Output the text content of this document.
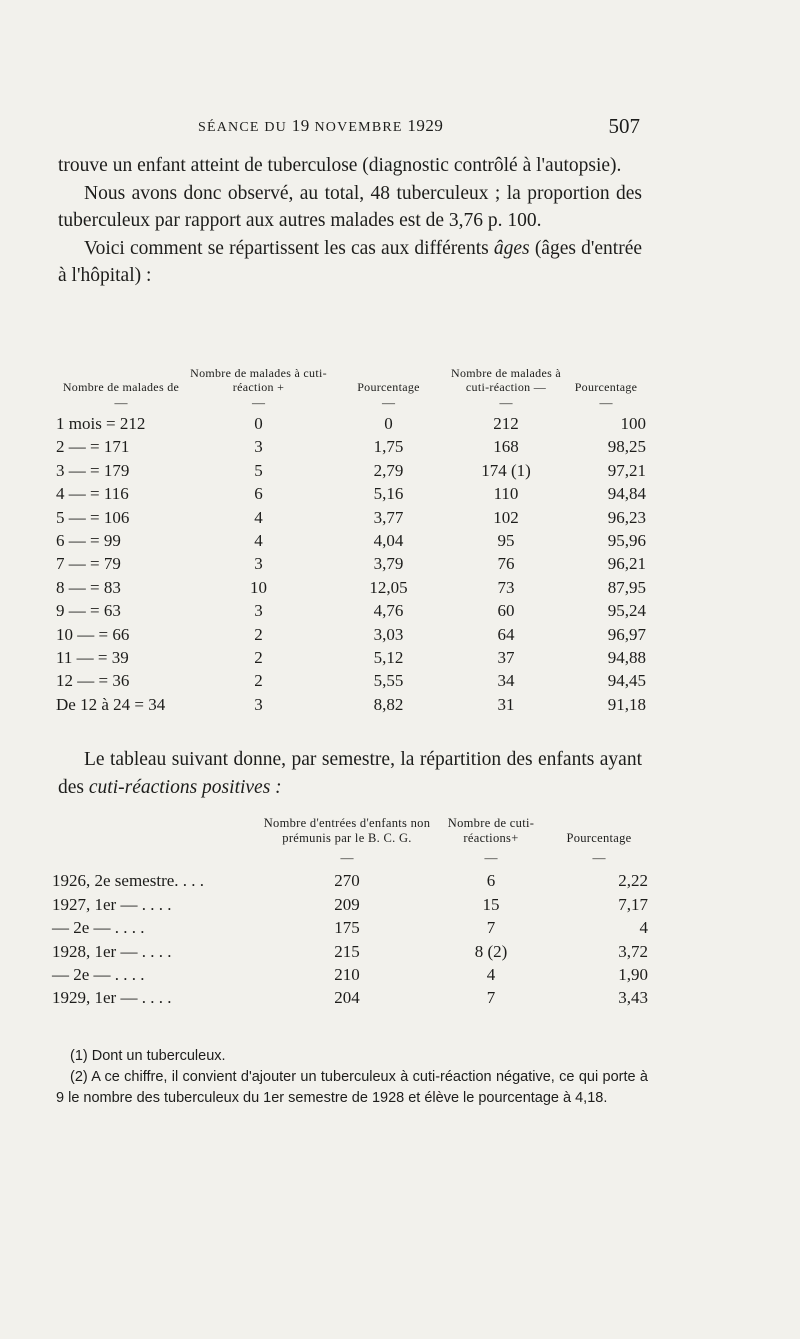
SÉANCE DU 19 NOVEMBRE 1929	507

trouve un enfant atteint de tuberculose (diagnostic contrôlé à l'autopsie).

Nous avons donc observé, au total, 48 tuberculeux ; la proportion des tuberculeux par rapport aux autres malades est de 3,76 p. 100.

Voici comment se répartissent les cas aux différents âges (âges d'entrée à l'hôpital) :

Nombre de malades de	Nombre de malades à cuti-réaction +	Pourcentage	Nombre de malades à cuti-réaction —	Pourcentage
—	—	—	—	—
1 mois = 212	0	0	212	100
2 — = 171	3	1,75	168	98,25
3 — = 179	5	2,79	174 (1)	97,21
4 — = 116	6	5,16	110	94,84
5 — = 106	4	3,77	102	96,23
6 — = 99	4	4,04	95	95,96
7 — = 79	3	3,79	76	96,21
8 — = 83	10	12,05	73	87,95
9 — = 63	3	4,76	60	95,24
10 — = 66	2	3,03	64	96,97
11 — = 39	2	5,12	37	94,88
12 — = 36	2	5,55	34	94,45
De 12 à 24 = 34	3	8,82	31	91,18

Le tableau suivant donne, par semestre, la répartition des enfants ayant des cuti-réactions positives :

	Nombre d'entrées d'enfants non prémunis par le B. C. G.	Nombre de cuti-réactions+	Pourcentage
	—	—	—
1926, 2e semestre. . . .	270	6	2,22
1927, 1er — . . . .	209	15	7,17
— 2e — . . . .	175	7	4
1928, 1er — . . . .	215	8 (2)	3,72
— 2e — . . . .	210	4	1,90
1929, 1er — . . . .	204	7	3,43

(1) Dont un tuberculeux.

(2) A ce chiffre, il convient d'ajouter un tuberculeux à cuti-réaction négative, ce qui porte à 9 le nombre des tuberculeux du 1er semestre de 1928 et élève le pourcentage à 4,18.
